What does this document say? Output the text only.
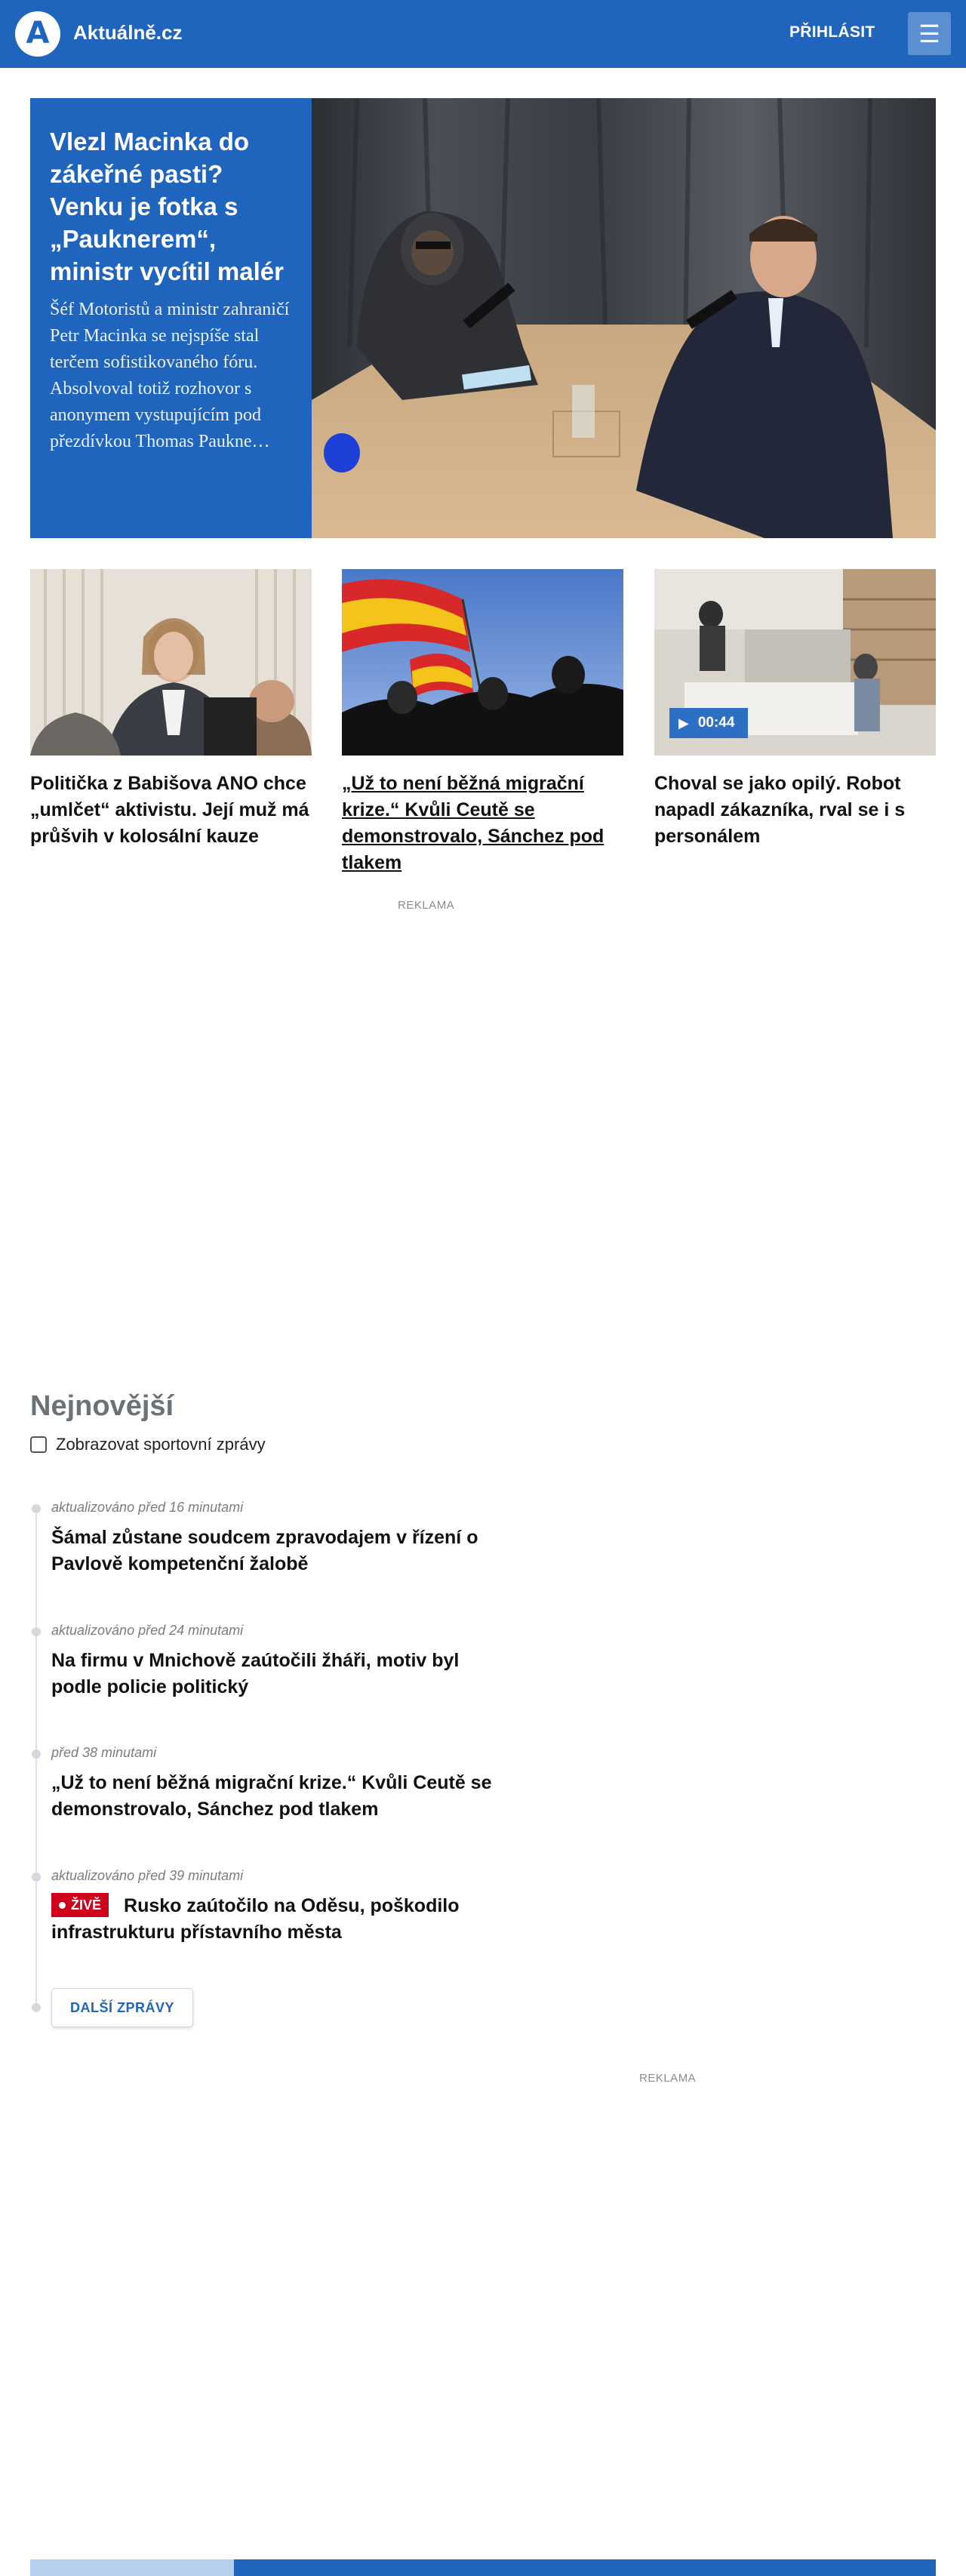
A Aktuálně.cz	PŘIHLÁSIT ☰
Vlezl Macinka do zákeřné pasti? Venku je fotka s „Pauknerem“, ministr vycítil malér
Šéf Motoristů a ministr zahraničí Petr Macinka se nejspíše stal terčem sofistikovaného fóru. Absolvoval totiž rozhovor s anonymem vystupujícím pod přezdívkou Thomas Paukne…
Politička z Babišova ANO chce „umlčet“ aktivistu. Její muž má průšvih v kolosální kauze
„Už to není běžná migrační krize.“ Kvůli Ceutě se demonstrovalo, Sánchez pod tlakem
▶ 00:44
Choval se jako opilý. Robot napadl zákazníka, rval se i s personálem
REKLAMA
Nejnovější
Zobrazovat sportovní zprávy
aktualizováno před 16 minutami
Šámal zůstane soudcem zpravodajem v řízení o Pavlově kompetenční žalobě
aktualizováno před 24 minutami
Na firmu v Mnichově zaútočili žháři, motiv byl podle policie politický
před 38 minutami
„Už to není běžná migrační krize.“ Kvůli Ceutě se demonstrovalo, Sánchez pod tlakem
aktualizováno před 39 minutami
ŽIVĚ Rusko zaútočilo na Oděsu, poškodilo infrastrukturu přístavního města
DALŠÍ ZPRÁVY
REKLAMA
